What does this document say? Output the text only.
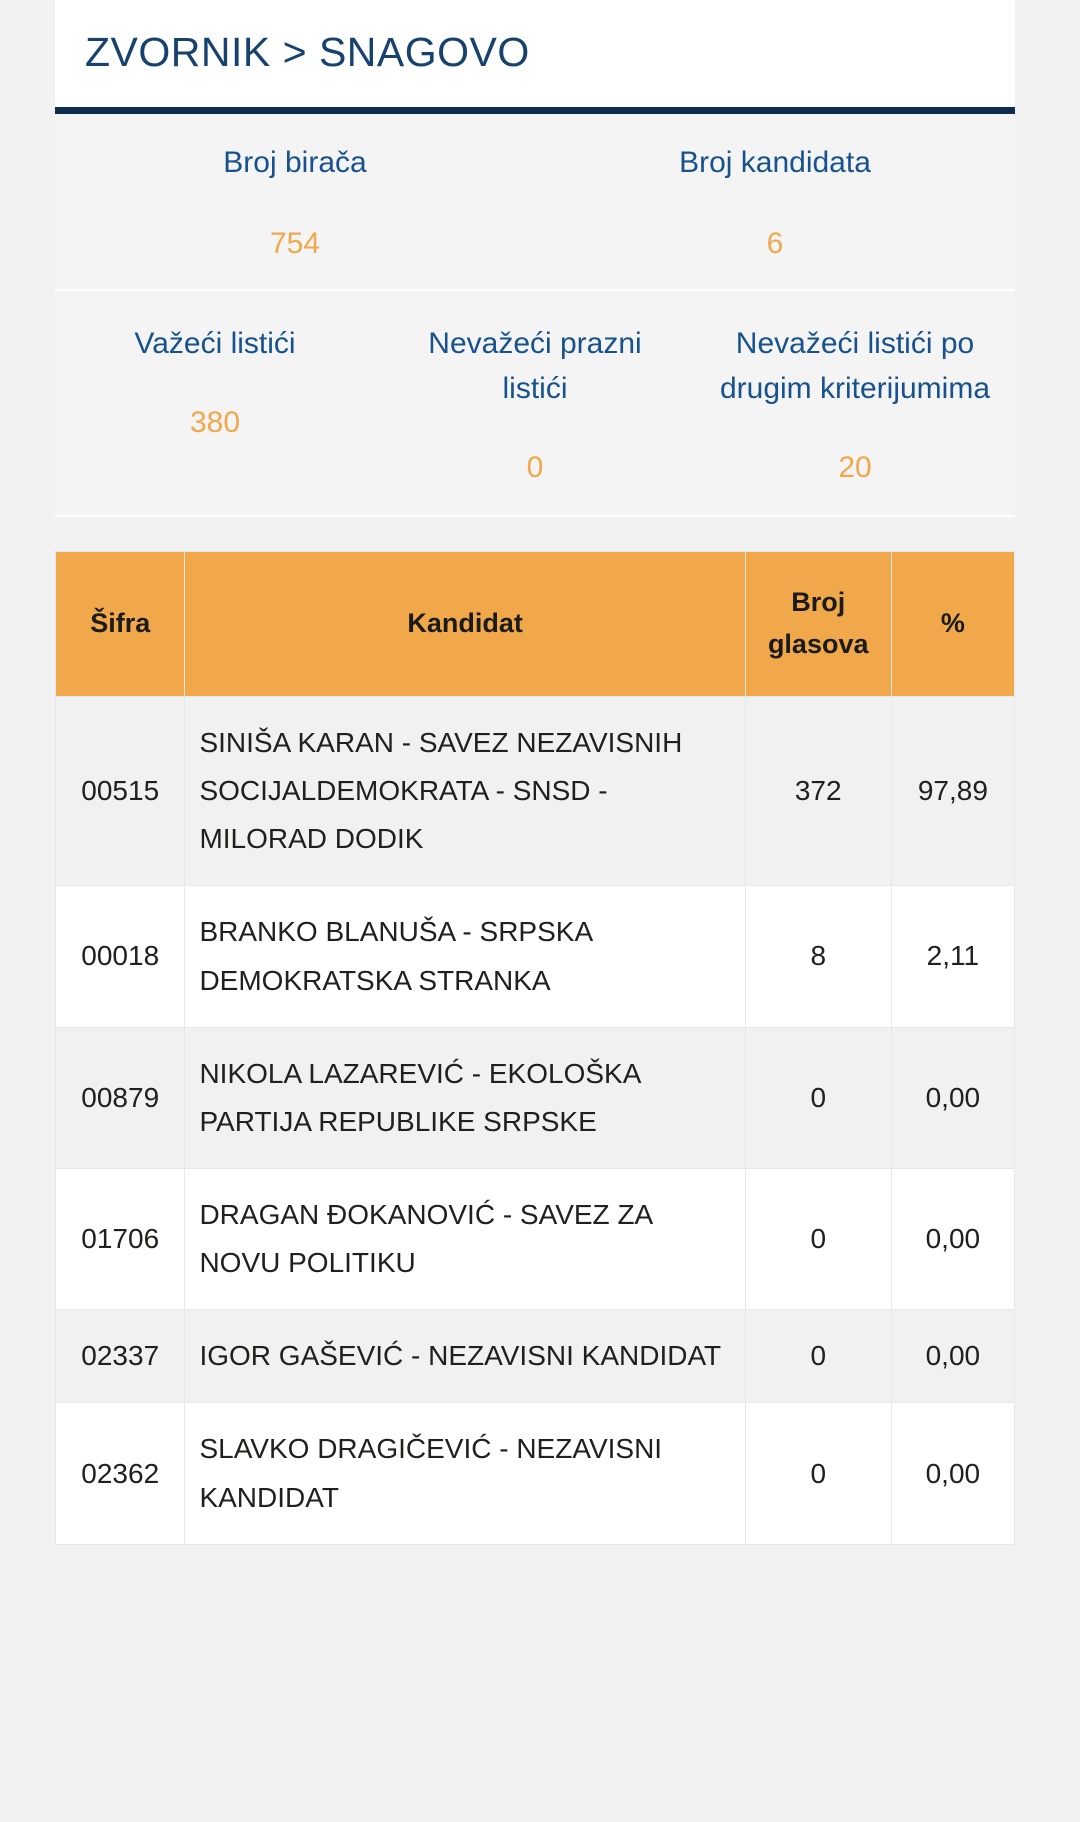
ZVORNIK > SNAGOVO
Broj birača
754
Broj kandidata
6
Važeći listići
380
Nevažeći prazni listići
0
Nevažeći listići po drugim kriterijumima
20
Šifra	Kandidat	Broj glasova	%
00515	SINIŠA KARAN - SAVEZ NEZAVISNIH SOCIJALDEMOKRATA - SNSD - MILORAD DODIK	372	97,89
00018	BRANKO BLANUŠA - SRPSKA DEMOKRATSKA STRANKA	8	2,11
00879	NIKOLA LAZAREVIĆ - EKOLOŠKA PARTIJA REPUBLIKE SRPSKE	0	0,00
01706	DRAGAN ĐOKANOVIĆ - SAVEZ ZA NOVU POLITIKU	0	0,00
02337	IGOR GAŠEVIĆ - NEZAVISNI KANDIDAT	0	0,00
02362	SLAVKO DRAGIČEVIĆ - NEZAVISNI KANDIDAT	0	0,00
